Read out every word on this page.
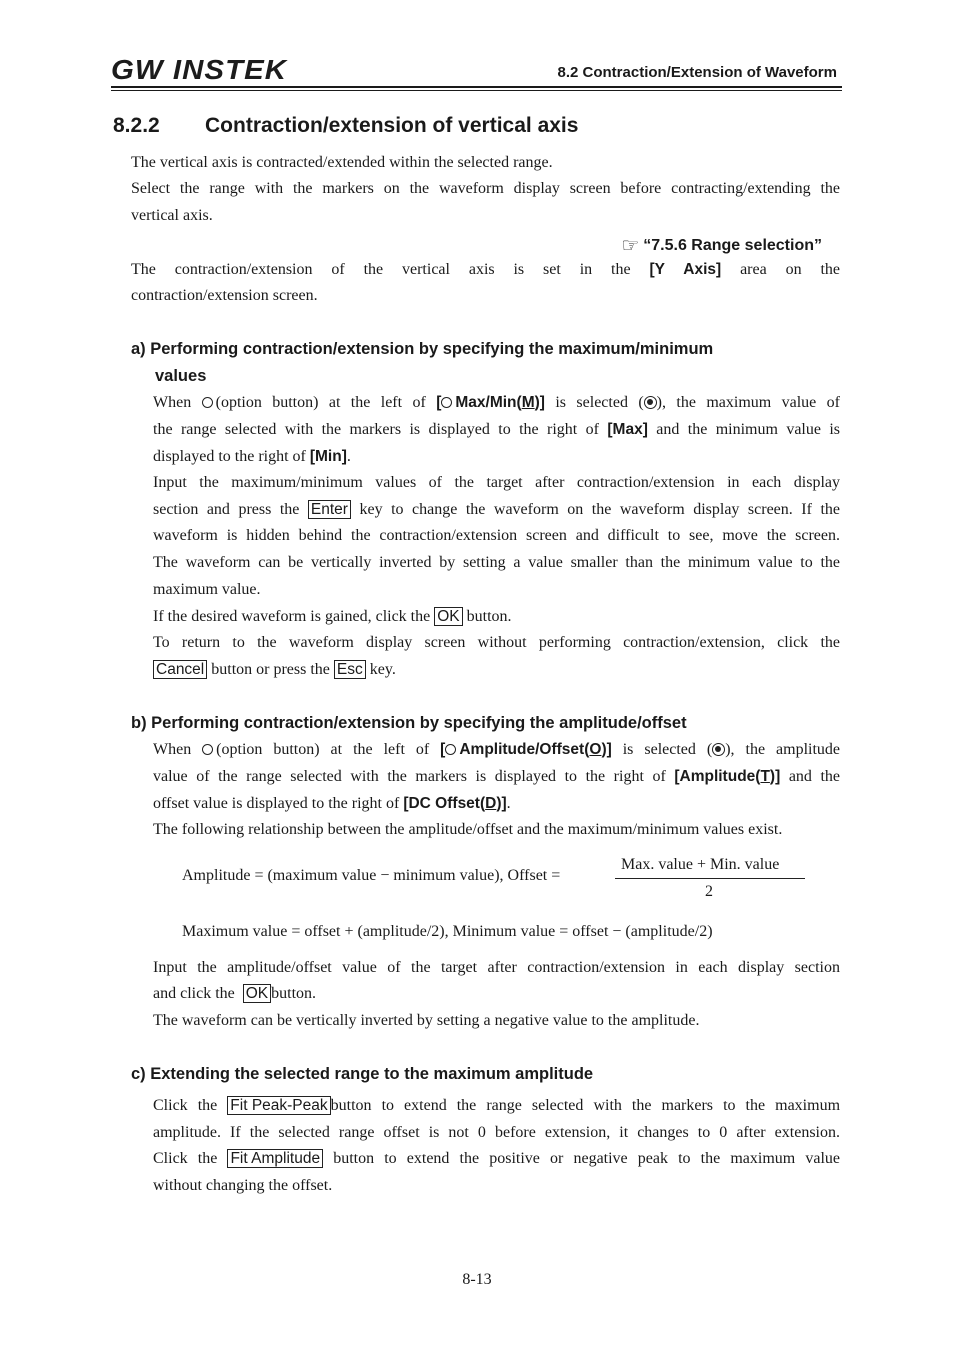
GW INSTEK	8.2 Contraction/Extension of Waveform
8.2.2 Contraction/extension of vertical axis
The vertical axis is contracted/extended within the selected range.
Select the range with the markers on the waveform display screen before contracting/extending the
vertical axis.
☞ “7.5.6 Range selection”
The contraction/extension of the vertical axis is set in the [Y Axis] area on the
contraction/extension screen.
a) Performing contraction/extension by specifying the maximum/minimum
values
When (option button) at the left of [ Max/Min(M)] is selected ( ), the maximum value of
the range selected with the markers is displayed to the right of [Max] and the minimum value is
displayed to the right of [Min].
Input the maximum/minimum values of the target after contraction/extension in each display
section and press the Enter key to change the waveform on the waveform display screen. If the
waveform is hidden behind the contraction/extension screen and difficult to see, move the screen.
The waveform can be vertically inverted by setting a value smaller than the minimum value to the
maximum value.
If the desired waveform is gained, click the OK button.
To return to the waveform display screen without performing contraction/extension, click the
Cancel button or press the Esc key.
b) Performing contraction/extension by specifying the amplitude/offset
When (option button) at the left of [ Amplitude/Offset(O)] is selected ( ), the amplitude
value of the range selected with the markers is displayed to the right of [Amplitude(T)] and the
offset value is displayed to the right of [DC Offset(D)].
The following relationship between the amplitude/offset and the maximum/minimum values exist.
Amplitude = (maximum value − minimum value), Offset =
Max. value + Min. value
2
Maximum value = offset + (amplitude/2), Minimum value = offset − (amplitude/2)
Input the amplitude/offset value of the target after contraction/extension in each display section
and click the OK button.
The waveform can be vertically inverted by setting a negative value to the amplitude.
c) Extending the selected range to the maximum amplitude
Click the Fit Peak-Peak button to extend the range selected with the markers to the maximum
amplitude. If the selected range offset is not 0 before extension, it changes to 0 after extension.
Click the Fit Amplitude button to extend the positive or negative peak to the maximum value
without changing the offset.
8-13
